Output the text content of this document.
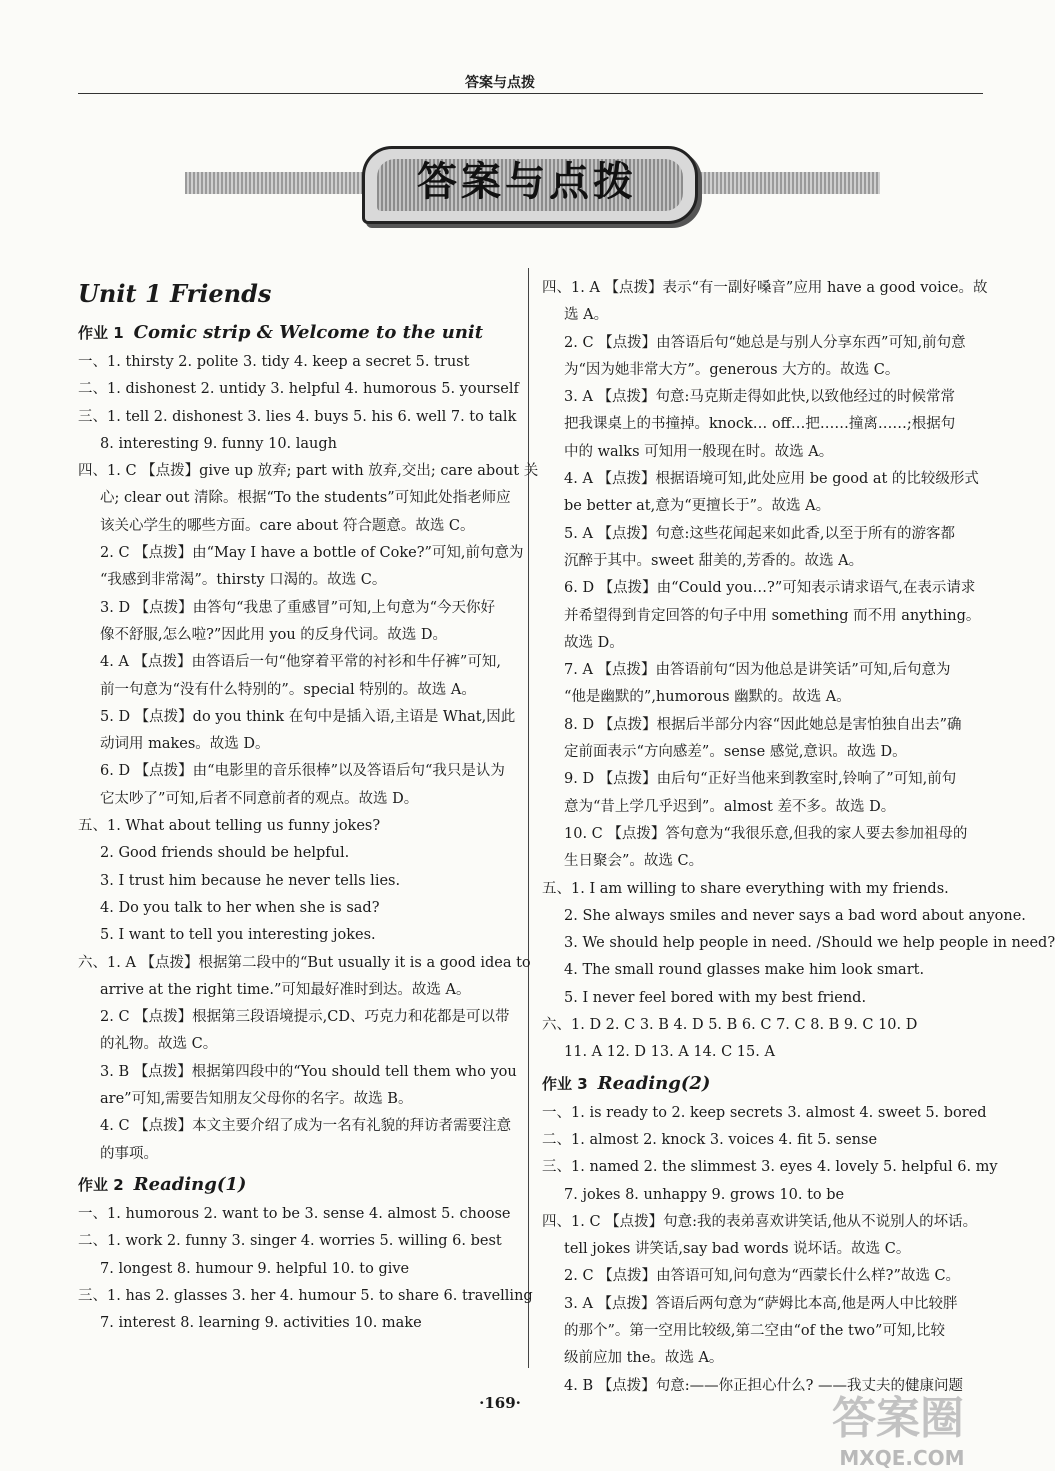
答案与点拨
答案与点拨
Unit 1 Friends
作业 1 Comic strip & Welcome to the unit
一、1. thirsty 2. polite 3. tidy 4. keep a secret 5. trust
二、1. dishonest 2. untidy 3. helpful 4. humorous 5. yourself
三、1. tell 2. dishonest 3. lies 4. buys 5. his 6. well 7. to talk
8. interesting 9. funny 10. laugh
四、1. C 【点拨】give up 放弃; part with 放弃,交出; care about 关
心; clear out 清除。根据“To the students”可知此处指老师应
该关心学生的哪些方面。care about 符合题意。故选 C。
2. C 【点拨】由“May I have a bottle of Coke?”可知,前句意为
“我感到非常渴”。thirsty 口渴的。故选 C。
3. D 【点拨】由答句“我患了重感冒”可知,上句意为“今天你好
像不舒服,怎么啦?”因此用 you 的反身代词。故选 D。
4. A 【点拨】由答语后一句“他穿着平常的衬衫和牛仔裤”可知,
前一句意为“没有什么特别的”。special 特别的。故选 A。
5. D 【点拨】do you think 在句中是插入语,主语是 What,因此
动词用 makes。故选 D。
6. D 【点拨】由“电影里的音乐很棒”以及答语后句“我只是认为
它太吵了”可知,后者不同意前者的观点。故选 D。
五、1. What about telling us funny jokes?
2. Good friends should be helpful.
3. I trust him because he never tells lies.
4. Do you talk to her when she is sad?
5. I want to tell you interesting jokes.
六、1. A 【点拨】根据第二段中的“But usually it is a good idea to
arrive at the right time.”可知最好准时到达。故选 A。
2. C 【点拨】根据第三段语境提示,CD、巧克力和花都是可以带
的礼物。故选 C。
3. B 【点拨】根据第四段中的“You should tell them who you
are”可知,需要告知朋友父母你的名字。故选 B。
4. C 【点拨】本文主要介绍了成为一名有礼貌的拜访者需要注意
的事项。
作业 2 Reading(1)
一、1. humorous 2. want to be 3. sense 4. almost 5. choose
二、1. work 2. funny 3. singer 4. worries 5. willing 6. best
7. longest 8. humour 9. helpful 10. to give
三、1. has 2. glasses 3. her 4. humour 5. to share 6. travelling
7. interest 8. learning 9. activities 10. make
四、1. A 【点拨】表示“有一副好嗓音”应用 have a good voice。故
选 A。
2. C 【点拨】由答语后句“她总是与别人分享东西”可知,前句意
为“因为她非常大方”。generous 大方的。故选 C。
3. A 【点拨】句意:马克斯走得如此快,以致他经过的时候常常
把我课桌上的书撞掉。knock… off…把……撞离……;根据句
中的 walks 可知用一般现在时。故选 A。
4. A 【点拨】根据语境可知,此处应用 be good at 的比较级形式
be better at,意为“更擅长于”。故选 A。
5. A 【点拨】句意:这些花闻起来如此香,以至于所有的游客都
沉醉于其中。sweet 甜美的,芳香的。故选 A。
6. D 【点拨】由“Could you…?”可知表示请求语气,在表示请求
并希望得到肯定回答的句子中用 something 而不用 anything。
故选 D。
7. A 【点拨】由答语前句“因为他总是讲笑话”可知,后句意为
“他是幽默的”,humorous 幽默的。故选 A。
8. D 【点拨】根据后半部分内容“因此她总是害怕独自出去”确
定前面表示“方向感差”。sense 感觉,意识。故选 D。
9. D 【点拨】由后句“正好当他来到教室时,铃响了”可知,前句
意为“昔上学几乎迟到”。almost 差不多。故选 D。
10. C 【点拨】答句意为“我很乐意,但我的家人要去参加祖母的
生日聚会”。故选 C。
五、1. I am willing to share everything with my friends.
2. She always smiles and never says a bad word about anyone.
3. We should help people in need. /Should we help people in need?
4. The small round glasses make him look smart.
5. I never feel bored with my best friend.
六、1. D 2. C 3. B 4. D 5. B 6. C 7. C 8. B 9. C 10. D
11. A 12. D 13. A 14. C 15. A
作业 3 Reading(2)
一、1. is ready to 2. keep secrets 3. almost 4. sweet 5. bored
二、1. almost 2. knock 3. voices 4. fit 5. sense
三、1. named 2. the slimmest 3. eyes 4. lovely 5. helpful 6. my
7. jokes 8. unhappy 9. grows 10. to be
四、1. C 【点拨】句意:我的表弟喜欢讲笑话,他从不说别人的坏话。
tell jokes 讲笑话,say bad words 说坏话。故选 C。
2. C 【点拨】由答语可知,问句意为“西蒙长什么样?”故选 C。
3. A 【点拨】答语后两句意为“萨姆比本高,他是两人中比较胖
的那个”。第一空用比较级,第二空由“of the two”可知,比较
级前应加 the。故选 A。
4. B 【点拨】句意:——你正担心什么? ——我丈夫的健康问题
·169·	答案圈
MXQE.COM
